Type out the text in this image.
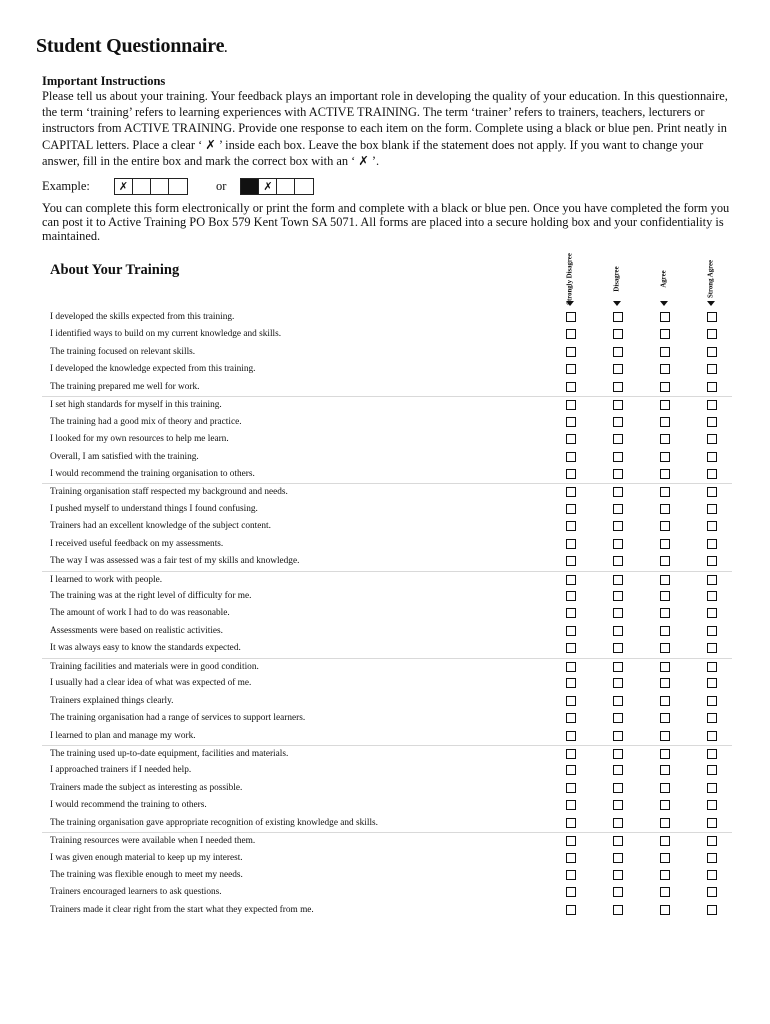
Student Questionnaire.
Important Instructions
Please tell us about your training. Your feedback plays an important role in developing the quality of your education. In this questionnaire, the term ‘training’ refers to learning experiences with ACTIVE TRAINING. The term ‘trainer’ refers to trainers, teachers, lecturers or instructors from ACTIVE TRAINING. Provide one response to each item on the form. Complete using a black or blue pen. Print neatly in CAPITAL letters. Place a clear ‘ ✗ ’ inside each box. Leave the box blank if the statement does not apply. If you want to change your answer, fill in the entire box and mark the correct box with an ‘ ✗ ’.
Example:	✗	or	✗
You can complete this form electronically or print the form and complete with a black or blue pen. Once you have completed the form you can post it to Active Training PO Box 579 Kent Town SA 5071. All forms are placed into a secure holding box and your confidentiality is maintained.
About Your Training	Strongly Disagree	Disagree	Agree	Strong Agree
I developed the skills expected from this training.
I identified ways to build on my current knowledge and skills.
The training focused on relevant skills.
I developed the knowledge expected from this training.
The training prepared me well for work.
I set high standards for myself in this training.
The training had a good mix of theory and practice.
I looked for my own resources to help me learn.
Overall, I am satisfied with the training.
I would recommend the training organisation to others.
Training organisation staff respected my background and needs.
I pushed myself to understand things I found confusing.
Trainers had an excellent knowledge of the subject content.
I received useful feedback on my assessments.
The way I was assessed was a fair test of my skills and knowledge.
I learned to work with people.
The training was at the right level of difficulty for me.
The amount of work I had to do was reasonable.
Assessments were based on realistic activities.
It was always easy to know the standards expected.
Training facilities and materials were in good condition.
I usually had a clear idea of what was expected of me.
Trainers explained things clearly.
The training organisation had a range of services to support learners.
I learned to plan and manage my work.
The training used up-to-date equipment, facilities and materials.
I approached trainers if I needed help.
Trainers made the subject as interesting as possible.
I would recommend the training to others.
The training organisation gave appropriate recognition of existing knowledge and skills.
Training resources were available when I needed them.
I was given enough material to keep up my interest.
The training was flexible enough to meet my needs.
Trainers encouraged learners to ask questions.
Trainers made it clear right from the start what they expected from me.
